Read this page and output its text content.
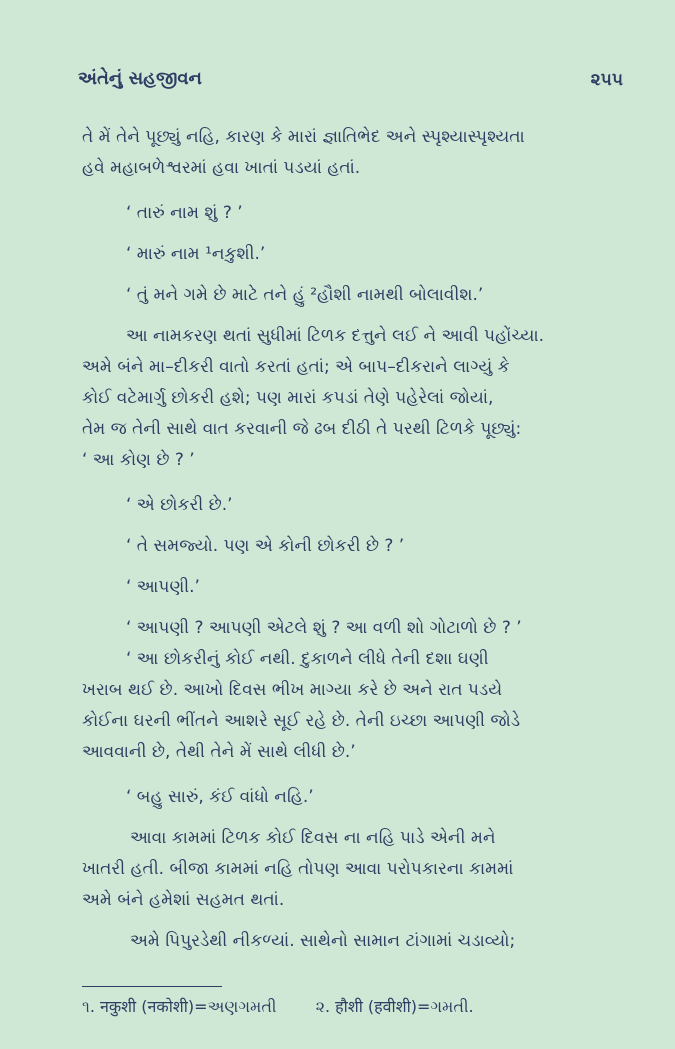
અંતેનું સહજીવન	૨૫૫
તે મેં તેને પૂછ્યું નહિ, કારણ કે મારાં જ્ઞાતિભેદ અને સ્પૃશ્યાસ્પૃશ્યતા
હવે મહાબળેશ્વરમાં હવા ખાતાં પડયાં હતાં.
‘ તારું નામ શું ? ’
‘ મારું નામ ¹નકુશી.’
‘ તું મને ગમે છે માટે તને હું ²હૌશી નામથી બોલાવીશ.’
આ નામકરણ થતાં સુધીમાં ટિળક દત્તુને લઈ ને આવી પહોંચ્યા.
અમે બંને મા–દીકરી વાતો કરતાં હતાં; એ બાપ–દીકરાને લાગ્યું કે
કોઈ વટેમાર્ગુ છોકરી હશે; પણ મારાં કપડાં તેણે પહેરેલાં જોયાં,
તેમ જ તેની સાથે વાત કરવાની જે ઢબ દીઠી તે પરથી ટિળકે પૂછ્યું:
‘ આ કોણ છે ? ’
‘ એ છોકરી છે.’
‘ તે સમજ્યો. પણ એ કોની છોકરી છે ? ’
‘ આપણી.’
‘ આપણી ? આપણી એટલે શું ? આ વળી શો ગોટાળો છે ? ’
‘ આ છોકરીનું કોઈ નથી. દુકાળને લીધે તેની દશા ઘણી
ખરાબ થઈ છે. આખો દિવસ ભીખ માગ્યા કરે છે અને રાત પડયે
કોઈના ઘરની ભીંતને આશરે સૂઈ રહે છે. તેની ઇચ્છા આપણી જોડે
આવવાની છે, તેથી તેને મેં સાથે લીધી છે.’
‘ બહુ સારું, કંઈ વાંધો નહિ.’
આવા કામમાં ટિળક કોઈ દિવસ ના નહિ પાડે એની મને
ખાતરી હતી. બીજા કામમાં નહિ તોપણ આવા પરોપકારના કામમાં
અમે બંને હમેશાં સહમત થતાં.
અમે પિપુરડેથી નીકળ્યાં. સાથેનો સામાન ટાંગામાં ચડાવ્યો;
૧. नकुशी (नकोशी)=અણગમતી ૨. हौशी (हवीशी)=ગમતી.
